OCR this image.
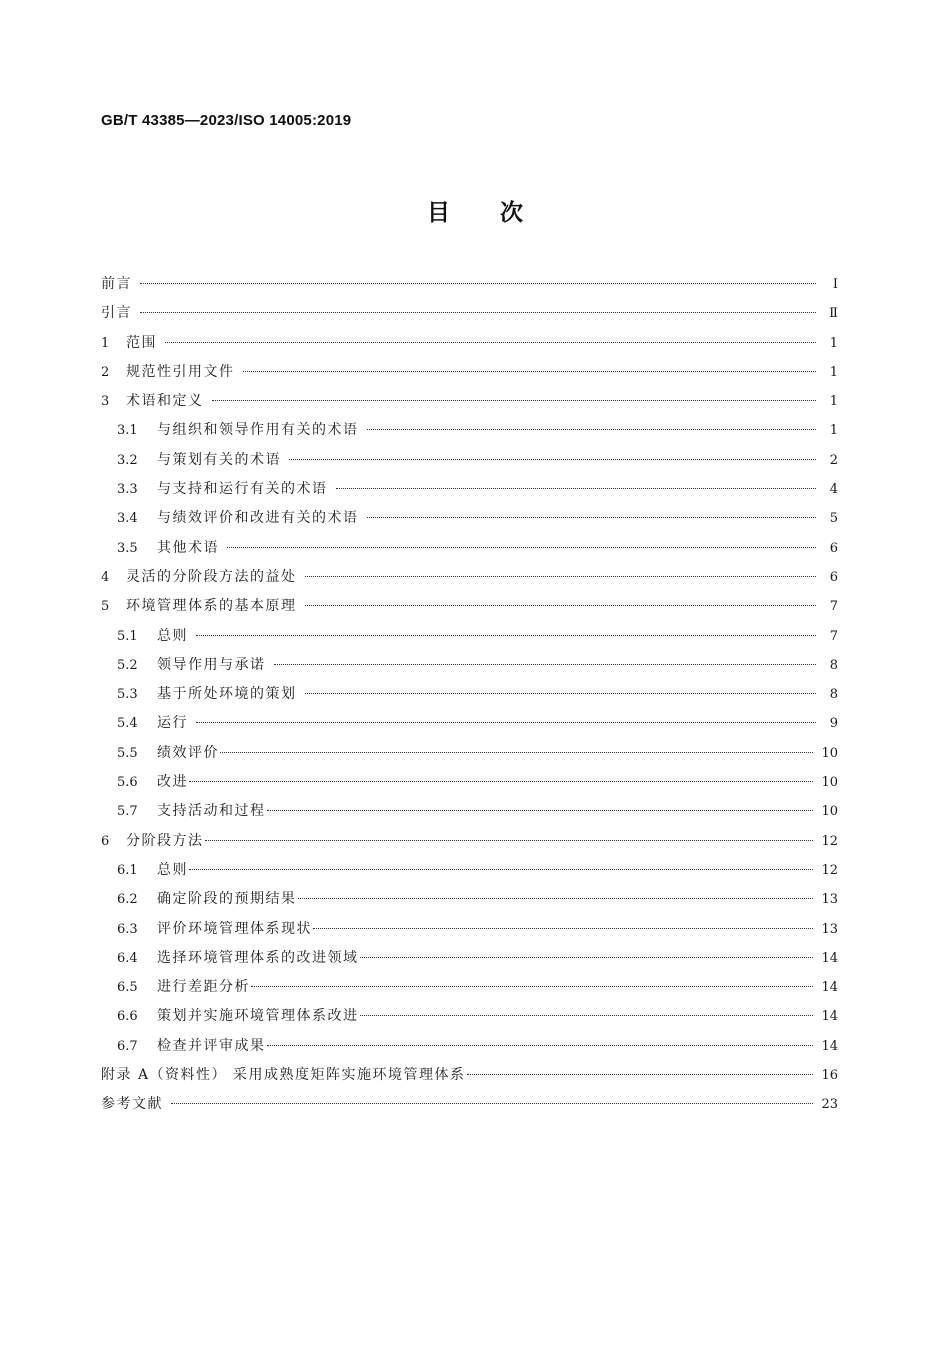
GB/T 43385—2023/ISO 14005:2019
目次
前言	Ⅰ
引言	Ⅱ
1	范围	1
2	规范性引用文件	1
3	术语和定义	1
3.1	与组织和领导作用有关的术语	1
3.2	与策划有关的术语	2
3.3	与支持和运行有关的术语	4
3.4	与绩效评价和改进有关的术语	5
3.5	其他术语	6
4	灵活的分阶段方法的益处	6
5	环境管理体系的基本原理	7
5.1	总则	7
5.2	领导作用与承诺	8
5.3	基于所处环境的策划	8
5.4	运行	9
5.5	绩效评价	10
5.6	改进	10
5.7	支持活动和过程	10
6	分阶段方法	12
6.1	总则	12
6.2	确定阶段的预期结果	13
6.3	评价环境管理体系现状	13
6.4	选择环境管理体系的改进领域	14
6.5	进行差距分析	14
6.6	策划并实施环境管理体系改进	14
6.7	检查并评审成果	14
附录 A（资料性） 采用成熟度矩阵实施环境管理体系	16
参考文献	23
